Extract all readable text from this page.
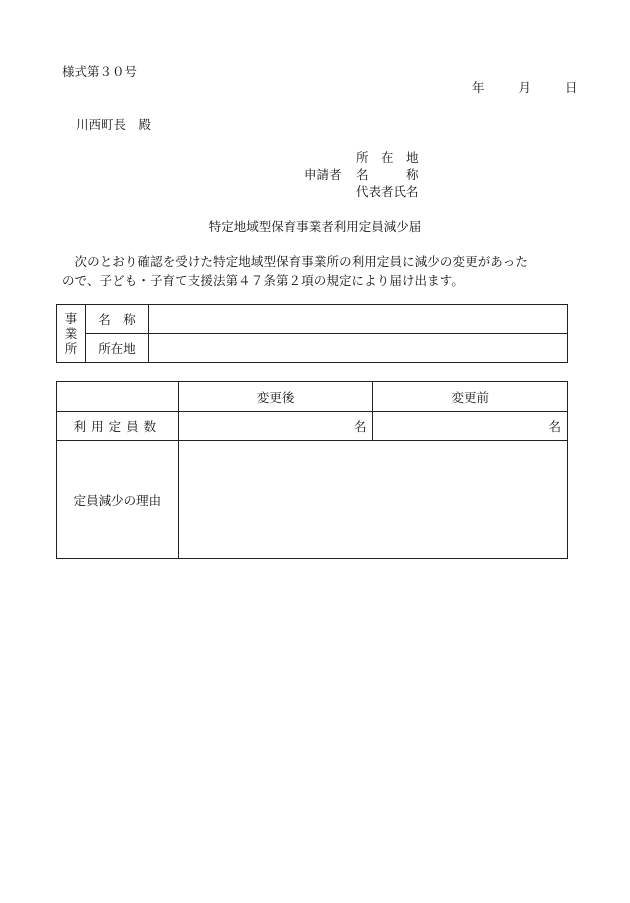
様式第３０号
年	月	日
川西町長　殿
申請者
所　在　地
名　　　称
代表者氏名
特定地域型保育事業者利用定員減少届

次のとおり確認を受けた特定地域型保育事業所の利用定員に減少の変更があった

ので、子ども・子育て支援法第４７条第２項の規定により届け出ます。

事
業
所	名　称	
	所在地	
	変更後	変更前
利用定員数	名	名
定員減少の理由		
